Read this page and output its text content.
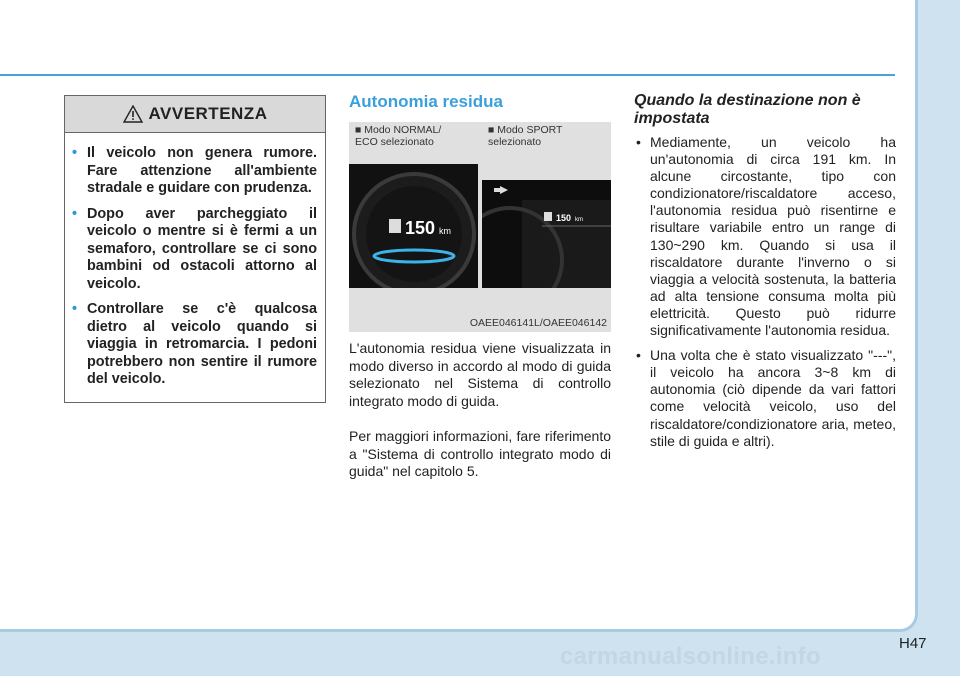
AVVERTENZA
• Il veicolo non genera rumore. Fare attenzione all'ambiente stradale e guidare con prudenza.
• Dopo aver parcheggiato il veicolo o mentre si è fermi a un semaforo, controllare se ci sono bambini od ostacoli attorno al veicolo.
• Controllare se c'è qualcosa dietro al veicolo quando si viaggia in retromarcia. I pedoni potrebbero non sentire il rumore del veicolo.
Autonomia residua
■ Modo NORMAL/
ECO selezionato
■ Modo SPORT
selezionato
150 km
150 km
OAEE046141L/OAEE046142
L'autonomia residua viene visualizzata in modo diverso in accordo al modo di guida selezionato nel Sistema di controllo integrato modo di guida.
Per maggiori informazioni, fare riferimento a "Sistema di controllo integrato modo di guida" nel capitolo 5.
Quando la destinazione non è impostata
• Mediamente, un veicolo ha un'autonomia di circa 191 km. In alcune circostante, tipo con condizionatore/riscaldatore acceso, l'autonomia residua può risentirne e risultare variabile entro un range di 130~290 km. Quando si usa il riscaldatore durante l'inverno o si viaggia a velocità sostenuta, la batteria ad alta tensione consuma molta più elettricità. Questo può ridurre significativamente l'autonomia residua.
• Una volta che è stato visualizzato "---", il veicolo ha ancora 3~8 km di autonomia (ciò dipende da vari fattori come velocità veicolo, uso del riscaldatore/condizionatore aria, meteo, stile di guida e altri).
H47
carmanualsonline.info
